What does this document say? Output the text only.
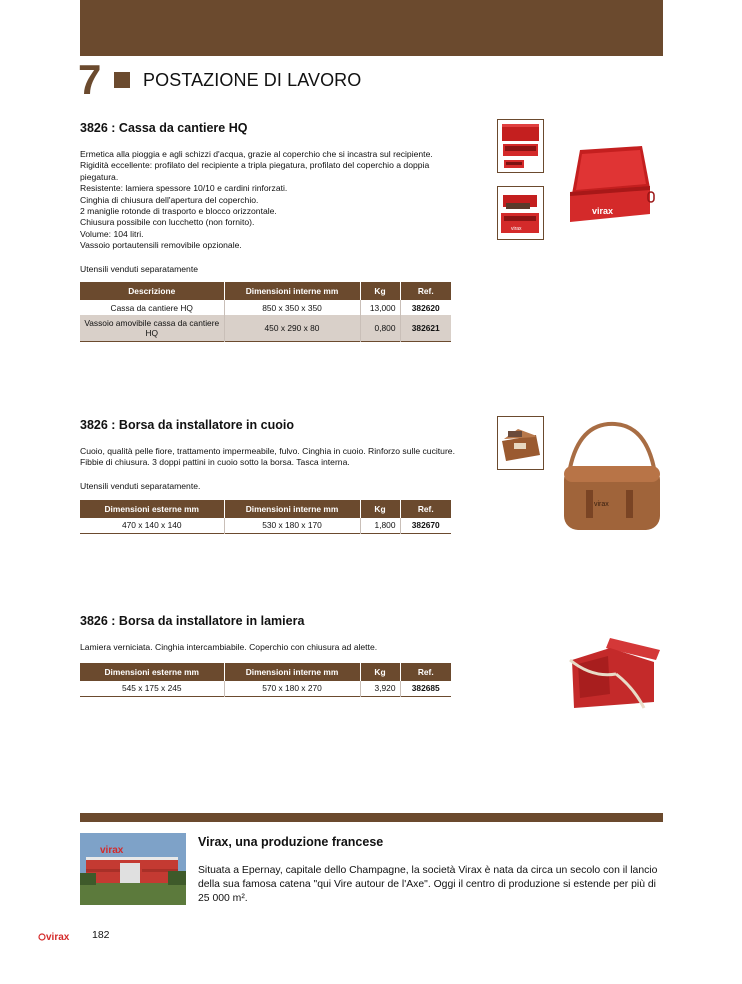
7	POSTAZIONE DI LAVORO
3826 : Cassa da cantiere HQ

Ermetica alla pioggia e agli schizzi d'acqua, grazie al coperchio che si incastra sul recipiente.

Rigidità eccellente: profilato del recipiente a tripla piegatura, profilato del coperchio a doppia piegatura.

Resistente: lamiera spessore 10/10 e cardini rinforzati.

Cinghia di chiusura dell'apertura del coperchio.

2 maniglie rotonde di trasporto e blocco orizzontale.

Chiusura possibile con lucchetto (non fornito).

Volume: 104 litri.

Vassoio portautensili removibile opzionale.

Utensili venduti separatamente
Descrizione	Dimensioni interne mm	Kg	Ref.
Cassa da cantiere HQ	850 x 350 x 350	13,000	382620
Vassoio amovibile cassa da cantiere HQ	450 x 290 x 80	0,800	382621
virax
virax
3826 : Borsa da installatore in cuoio

Cuoio, qualità pelle fiore, trattamento impermeabile, fulvo. Cinghia in cuoio. Rinforzo sulle cuciture. Fibbie di chiusura. 3 doppi pattini in cuoio sotto la borsa. Tasca interna.

Utensili venduti separatamente.
Dimensioni esterne mm	Dimensioni interne mm	Kg	Ref.
470 x 140 x 140	530 x 180 x 170	1,800	382670
virax
3826 : Borsa da installatore in lamiera

Lamiera verniciata. Cinghia intercambiabile. Coperchio con chiusura ad alette.

Dimensioni esterne mm	Dimensioni interne mm	Kg	Ref.
545 x 175 x 245	570 x 180 x 270	3,920	382685
virax
Virax, una produzione francese
Situata a Epernay, capitale dello Champagne, la società Virax è nata da circa un secolo con il lancio della sua famosa catena "qui Vire autour de l'Axe". Oggi il centro di produzione si estende per più di 25 000 m².
virax 182
